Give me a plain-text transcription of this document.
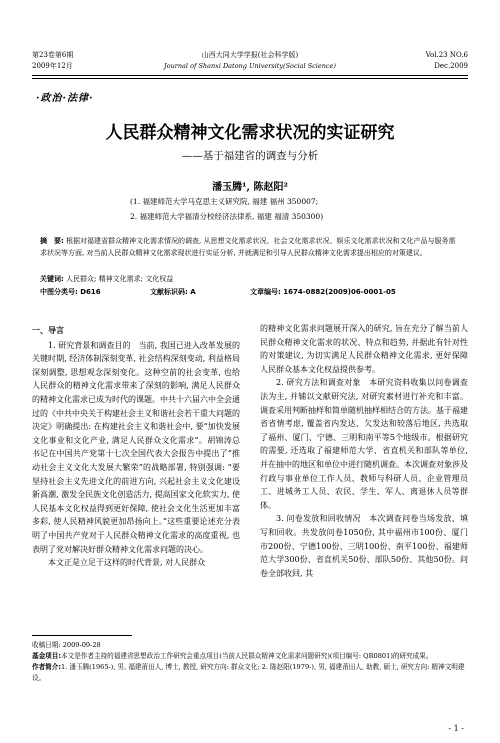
第23卷第6期
2009年12月
山西大同大学学报(社会科学版)
Journal of Shanxi Datong University(Social Science)
Vol.23 NO.6
Dec.2009
·政治·法律·
人民群众精神文化需求状况的实证研究
——基于福建省的调查与分析
潘玉腾¹, 陈赵阳²
(1. 福建师范大学马克思主义研究院, 福建 福州 350007;
2. 福建师范大学福清分校经济法律系, 福建 福清 350300)
摘　要: 根据对福建省群众精神文化需求情况的调查, 从思想文化需求状况、社会文化需求状况、娱乐文化需求状况和文化产品与服务需求状况等方面, 对当前人民群众精神文化需求现状进行实证分析, 并就满足和引导人民群众精神文化需求提出相应的对策建议。
关键词: 人民群众; 精神文化需求; 文化权益
中图分类号: D616	文献标识码: A	文章编号: 1674-0882(2009)06-0001-05

一、导言

1. 研究背景和调查目的　当前, 我国已进入改革发展的关键时期, 经济体制深刻变革, 社会结构深刻变动, 利益格局深刻调整, 思想观念深刻变化。这种空前的社会变革, 也给人民群众的精神文化需求带来了深刻的影响, 满足人民群众的精神文化需求已成为时代的课题。中共十六届六中全会通过的《中共中央关于构建社会主义和谐社会若干重大问题的决定》明确提出: 在构建社会主义和谐社会中, 要“加快发展文化事业和文化产业, 满足人民群众文化需求”。胡锦涛总书记在中国共产党第十七次全国代表大会报告中提出了“推动社会主义文化大发展大繁荣”的战略部署, 特别强调: “要坚持社会主义先进文化的前进方向, 兴起社会主义文化建设新高潮, 激发全民族文化创造活力, 提高国家文化软实力, 使人民基本文化权益得到更好保障, 使社会文化生活更加丰富多彩, 使人民精神风貌更加昂扬向上。”这些重要论述充分表明了中国共产党对于人民群众精神文化需求的高度重视, 也表明了党对解决好群众精神文化需求问题的决心。

本文正是立足于这样的时代背景, 对人民群众

的精神文化需求问题展开深入的研究, 旨在充分了解当前人民群众精神文化需求的状况、特点和趋势, 并据此有针对性的对策建议, 为切实满足人民群众精神文化需求, 更好保障人民群众基本文化权益提供参考。

2. 研究方法和调查对象　 本研究资料收集以问卷调查法为主, 并辅以文献研究法, 对研究素材进行补充和丰富。调查采用判断抽样和简单随机抽样相结合的方法。基于福建省省情考虑, 覆盖省内发达、欠发达和较落后地区, 共选取了福州、厦门、宁德、三明和南平等5个地级市。根据研究的需要, 还选取了福建师范大学、省直机关和部队等单位, 并在抽中的地区和单位中进行随机调查。本次调查对象涉及行政与事业单位工作人员、教师与科研人员、企业管理员工、进城务工人员、农民、学生、军人、离退休人员等群体。

3. 问卷发放和回收情况　 本次调查问卷当场发放、填写和回收。共发放问卷1050份, 其中福州市100份、厦门市200份、宁德100份、三明100份、南平100份、福建师范大学300份、省直机关50份、部队50份、其他50份。问卷全部收回, 其

收稿日期: 2009-09-28
基金项目:本文是作者主持的福建省思想政治工作研究会重点项目(当前人民群众精神文化需求问题研究)(项目编号: QR0801)的研究成果。
作者简介:1. 潘玉腾(1965-), 男, 福建莆田人, 博士, 教授, 研究方向: 群众文化; 2. 陈赵阳(1979-), 男, 福建莆田人, 助教, 硕士, 研究方向: 精神文明建设。
- 1 -
